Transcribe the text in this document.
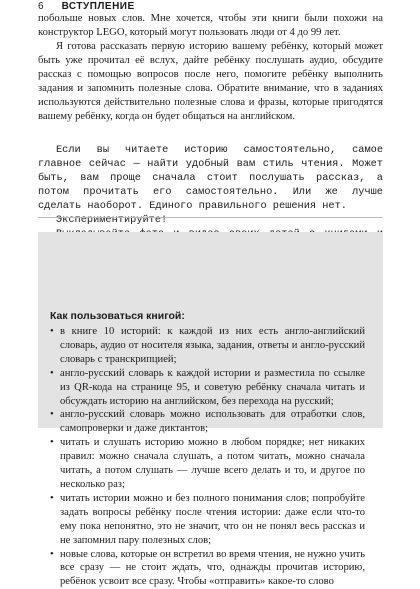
6 ВСТУПЛЕНИЕ

побольше новых слов. Мне хочется, чтобы эти книги были похожи на конструктор LEGO, который могут пользовать люди от 4 до 99 лет.

Я готова рассказать первую историю вашему ребёнку, который может быть уже прочитал её вслух, дайте ребёнку послушать аудио, обсудите рассказ с помощью вопросов после него, помогите ребёнку выполнить задания и запомнить полезные слова. Обратите внимание, что в заданиях используются действительно полезные слова и фразы, которые пригодятся вашему ребёнку, когда он будет общаться на английском.

Если вы читаете историю самостоятельно, самое главное сейчас — найти удобный вам стиль чтения. Может быть, вам проще сначала стоит послушать рассказ, а потом прочитать его самостоятельно. Или же лучше сделать наоборот. Единого правильного решения нет.

Экспериментируйте!

Как пользоваться книгой:
• в книге 10 историй: к каждой из них есть англо-английский словарь, аудио от носителя языка, задания, ответы и англо-русский словарь с транскрипцией;
• англо-русский словарь к каждой истории и разместила по ссылке из QR-кода на странице 95, и советую ребёнку сначала читать и обсуждать историю на английском, без перехода на русский;
• англо-русский словарь можно использовать для отработки слов, самопроверки и даже диктантов;
• читать и слушать историю можно в любом порядке; нет никаких правил: можно сначала слушать, а потом читать, можно сначала читать, а потом слушать — лучше всего делать и то, и другое по несколько раз;
• читать истории можно и без полного понимания слов; попробуйте задать вопросы ребёнку после чтения истории: даже если что-то ему пока непонятно, это не значит, что он не понял весь рассказ и не запомнил пару полезных слов;
• новые слова, которые он встретил во время чтения, не нужно учить все сразу — не стоит ждать, что, однажды прочитав историю, ребёнок усвоит все сразу. Чтобы «отправить» какое-то слово
